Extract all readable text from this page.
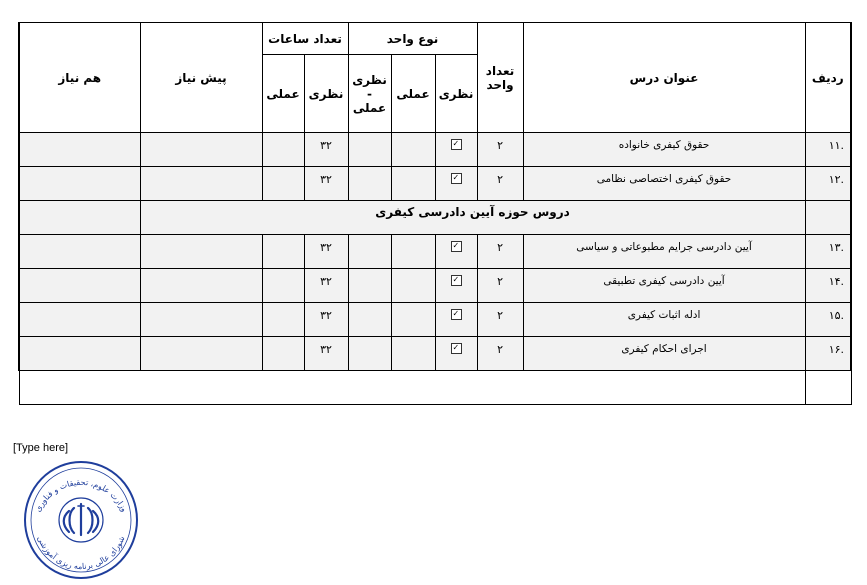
ردیف	عنوان درس	تعداد واحد	نوع واحد			تعداد ساعات		پیش نیاز	هم نیاز
			نظری	عملی	نظری - عملی	نظری	عملی		
.۱۱	حقوق کیفری خانواده	۲	✓			۳۲			
.۱۲	حقوق کیفری اختصاصی نظامی	۲	✓			۳۲			
	دروس حوزه آیین دادرسی کیفری								
.۱۳	آیین دادرسی جرایم مطبوعاتی و سیاسی	۲	✓			۳۲			
.۱۴	آیین دادرسی کیفری تطبیقی	۲	✓			۳۲			
.۱۵	ادله اثبات کیفری	۲	✓			۳۲			
.۱۶	اجرای احکام کیفری	۲	✓			۳۲			

[Type here]
وزارت علوم، تحقیقات و فناوری
شورای عالی برنامه ریزی آموزشی
